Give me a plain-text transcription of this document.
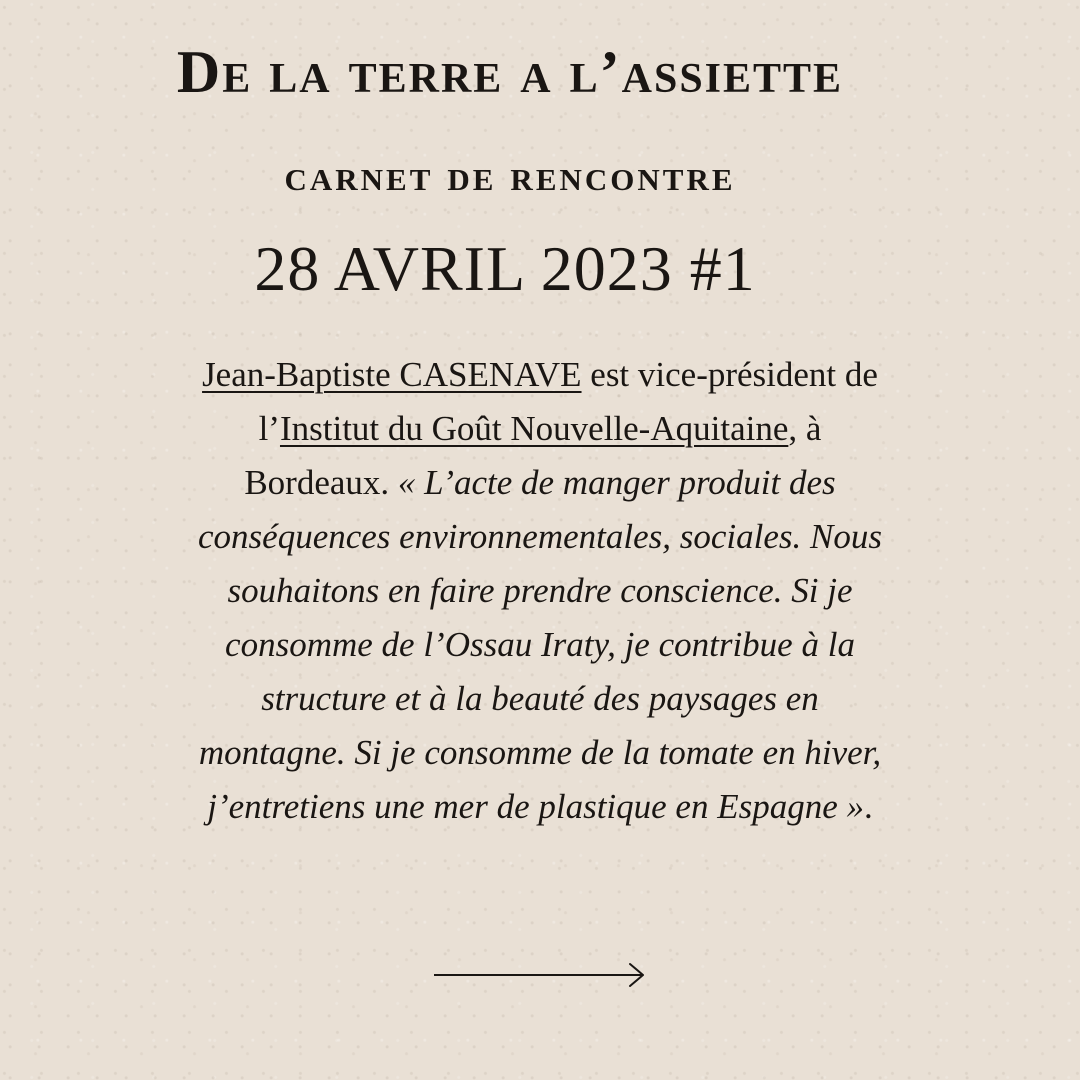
De la terre a l’assiette
carnet de rencontre
28 AVRIL 2023 #1

Jean-Baptiste CASENAVE est vice-président de l’Institut du Goût Nouvelle-Aquitaine, à Bordeaux. « L’acte de manger produit des conséquences environnementales, sociales. Nous souhaitons en faire prendre conscience. Si je consomme de l’Ossau Iraty, je contribue à la structure et à la beauté des paysages en montagne. Si je consomme de la tomate en hiver, j’entretiens une mer de plastique en Espagne ».
